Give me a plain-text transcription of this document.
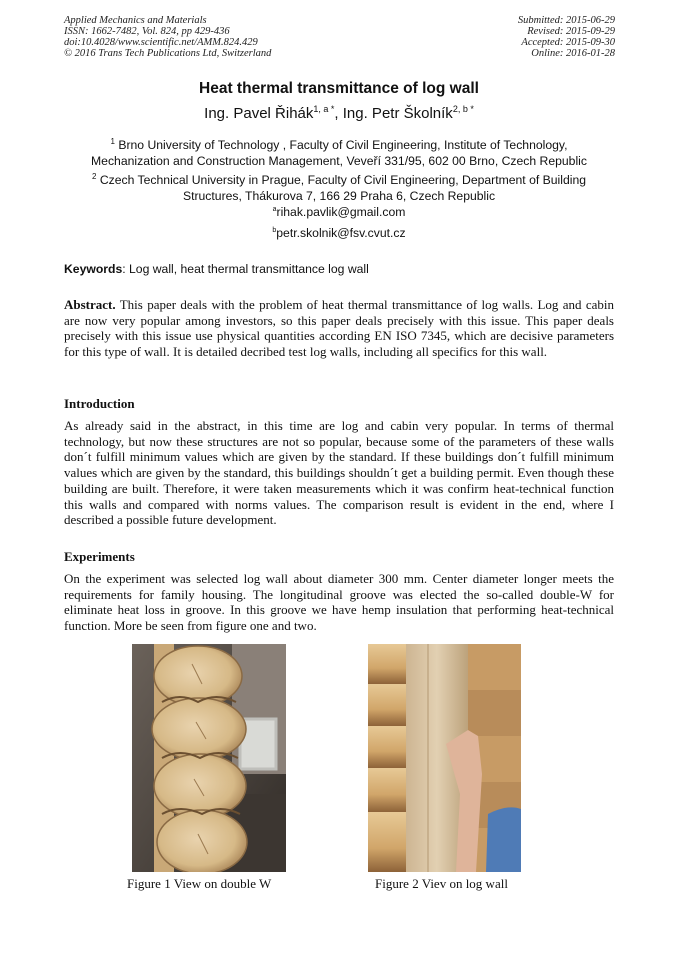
Applied Mechanics and Materials
ISSN: 1662-7482, Vol. 824, pp 429-436
doi:10.4028/www.scientific.net/AMM.824.429
© 2016 Trans Tech Publications Ltd, Switzerland
Submitted: 2015-06-29
Revised: 2015-09-29
Accepted: 2015-09-30
Online: 2016-01-28
Heat thermal transmittance of log wall
Ing. Pavel Řihák$^{1, a *}$, Ing. Petr Školník$^{2, b *}$
$^1$ Brno University of Technology , Faculty of Civil Engineering, Institute of Technology,
Mechanization and Construction Management, Veveří 331/95, 602 00 Brno, Czech Republic
$^2$ Czech Technical University in Prague, Faculty of Civil Engineering, Department of Building
Structures, Thákurova 7, 166 29 Praha 6, Czech Republic
$^a$rihak.pavlik@gmail.com
$^b$petr.skolnik@fsv.cvut.cz
Keywords: Log wall, heat thermal transmittance log wall
Abstract. This paper deals with the problem of heat thermal transmittance of log walls. Log and cabin are now very popular among investors, so this paper deals precisely with this issue. This paper deals precisely with this issue use physical quantities according EN ISO 7345, which are decisive parameters for this type of wall. It is detailed decribed test log walls, including all specifics for this wall.
Introduction
As already said in the abstract, in this time are log and cabin very popular. In terms of thermal technology, but now these structures are not so popular, because some of the parameters of these walls don´t fulfill minimum values which are given by the standard. If these buildings don´t fulfill minimum values which are given by the standard, this buildings shouldn´t get a building permit. Even though these building are built. Therefore, it were taken measurements which it was confirm heat-technical function this walls and compared with norms values. The comparison result is evident in the end, where I described a possible future development.
Experiments
On the experiment was selected log wall about diameter 300 mm. Center diameter longer meets the requirements for family housing. The longitudinal groove was elected the so-called double-W for eliminate heat loss in groove. In this groove we have hemp insulation that performing heat-technical function. More be seen from figure one and two.
Figure 1 View on double W	Figure 2 Viev on log wall
